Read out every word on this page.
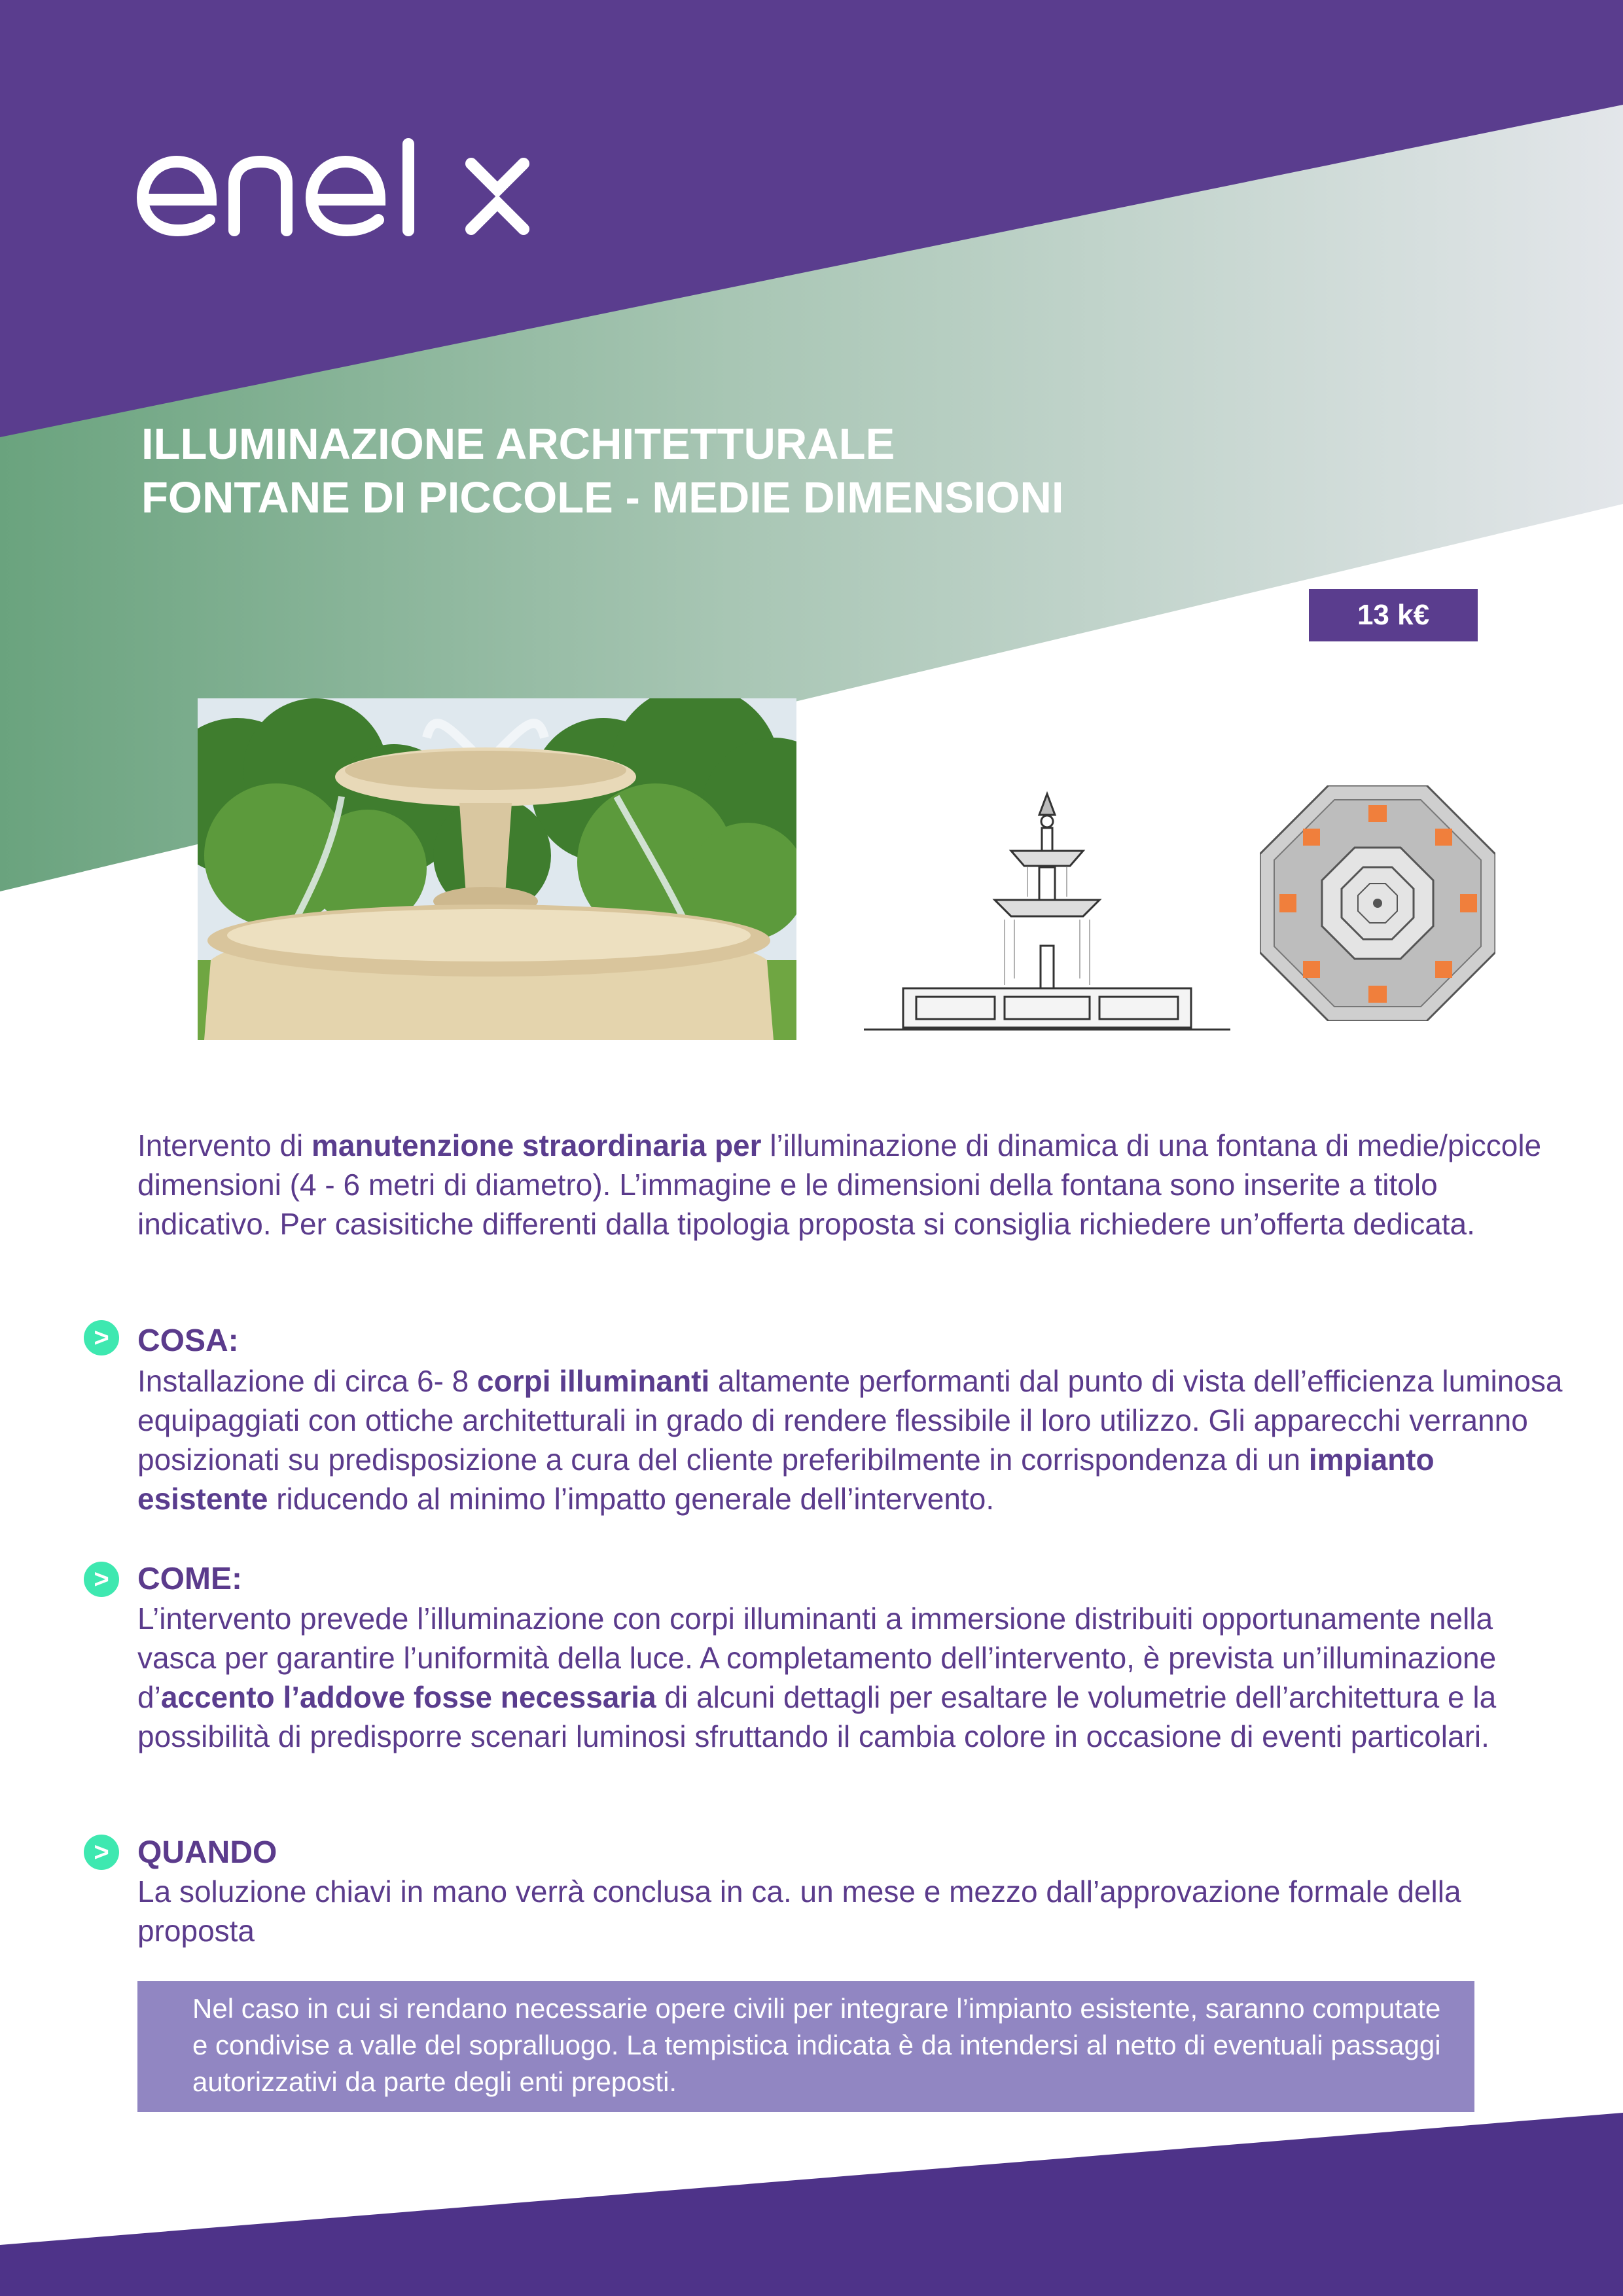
ILLUMINAZIONE ARCHITETTURALE
FONTANE DI PICCOLE - MEDIE DIMENSIONI
13 k€
Intervento di manutenzione straordinaria per l’illuminazione di dinamica di una fontana di medie/piccole dimensioni (4 - 6 metri di diametro). L’immagine e le dimensioni della fontana sono inserite a titolo indicativo. Per casisitiche differenti dalla tipologia proposta si consiglia richiedere un’offerta dedicata.
> COSA:
Installazione di circa 6- 8 corpi illuminanti altamente performanti dal punto di vista dell’efficienza luminosa equipaggiati con ottiche architetturali in grado di rendere flessibile il loro utilizzo. Gli apparecchi verranno posizionati su predisposizione a cura del cliente preferibilmente in corrispondenza di un impianto esistente riducendo al minimo l’impatto generale dell’intervento.
> COME:
L’intervento prevede l’illuminazione con corpi illuminanti a immersione distribuiti opportunamente nella vasca per garantire l’uniformità della luce. A completamento dell’intervento, è prevista un’illuminazione d’accento l’addove fosse necessaria di alcuni dettagli per esaltare le volumetrie dell’architettura e la possibilità di predisporre scenari luminosi sfruttando il cambia colore in occasione di eventi particolari.
> QUANDO
La soluzione chiavi in mano verrà conclusa in ca. un mese e mezzo dall’approvazione formale della proposta
Nel caso in cui si rendano necessarie opere civili per integrare l’impianto esistente, saranno computate e condivise a valle del sopralluogo. La tempistica indicata è da intendersi al netto di eventuali passaggi autorizzativi da parte degli enti preposti.
